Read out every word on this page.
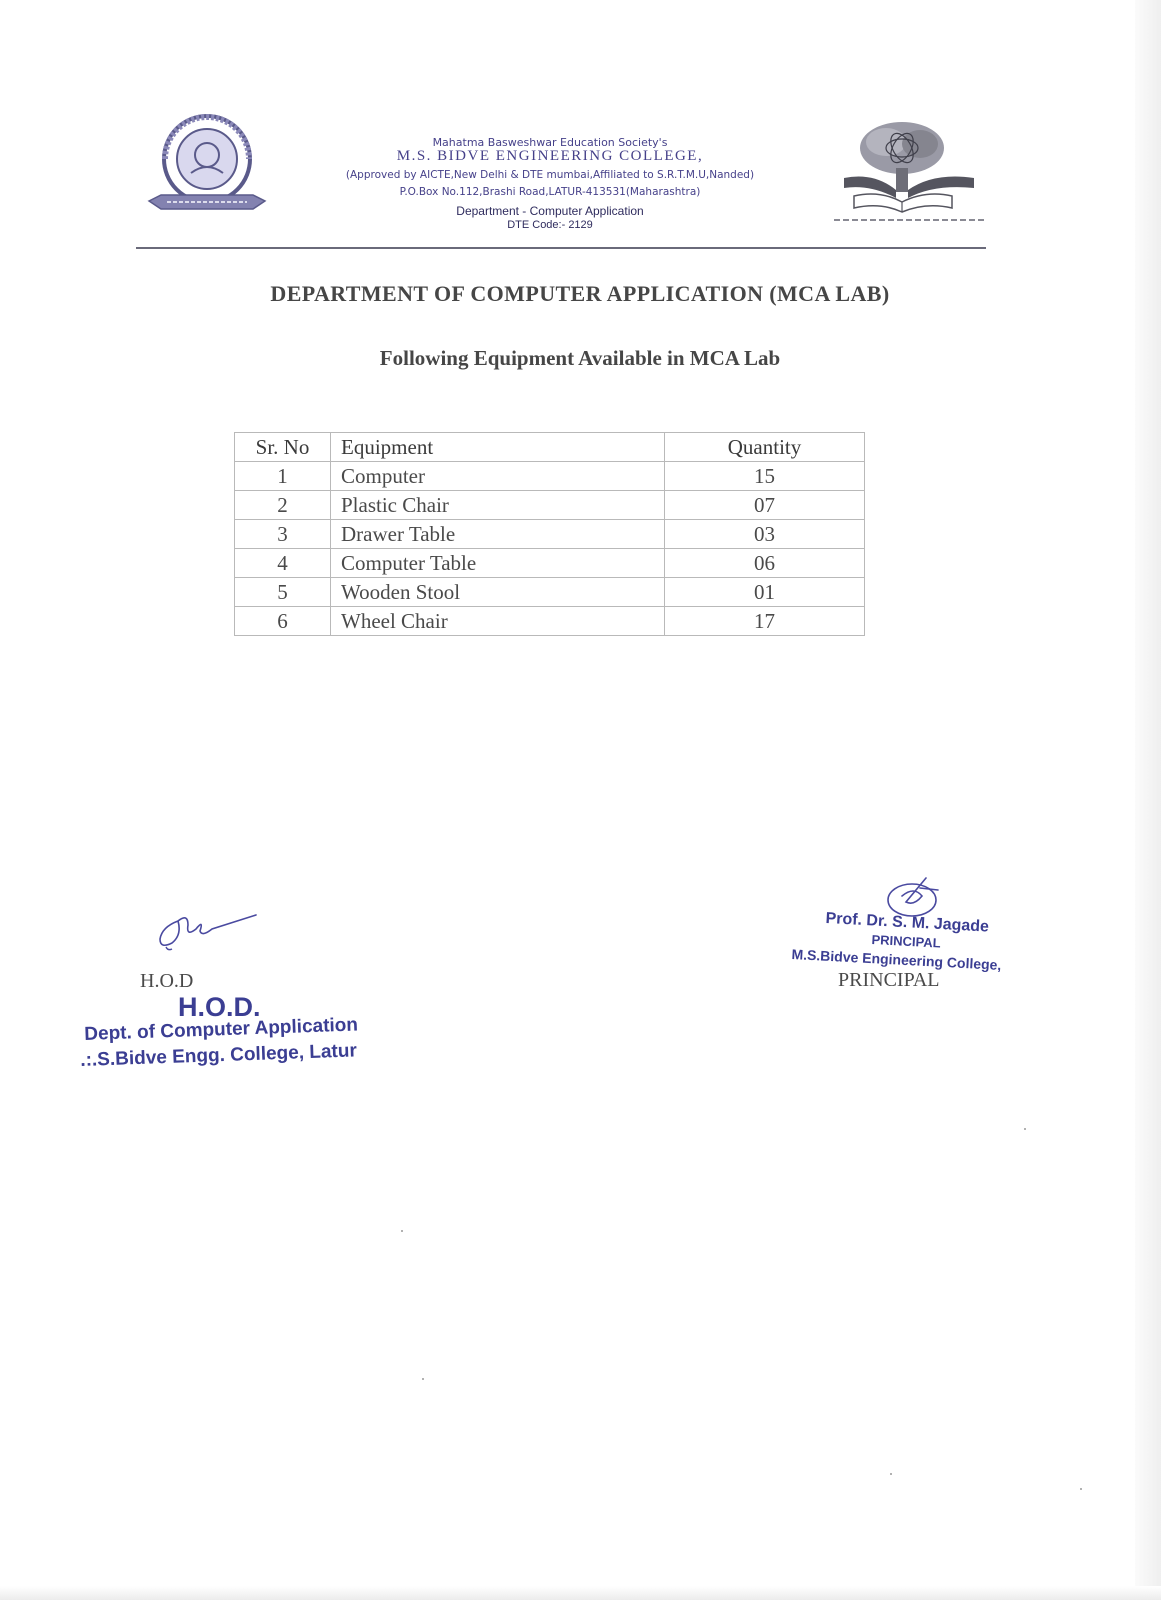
Mahatma Basweshwar Education Society's
M.S. BIDVE ENGINEERING COLLEGE,
(Approved by AICTE,New Delhi & DTE mumbai,Affiliated to S.R.T.M.U,Nanded)
P.O.Box No.112,Brashi Road,LATUR-413531(Maharashtra)
Department - Computer Application
DTE Code:- 2129
DEPARTMENT OF COMPUTER APPLICATION (MCA LAB)
Following Equipment Available in MCA Lab
Sr. No	Equipment	Quantity
1	Computer	15
2	Plastic Chair	07
3	Drawer Table	03
4	Computer Table	06
5	Wooden Stool	01
6	Wheel Chair	17
H.O.D
H.O.D.
Dept. of Computer Application
.:.S.Bidve Engg. College, Latur
Prof. Dr. S. M. Jagade
PRINCIPAL
M.S.Bidve Engineering College,
PRINCIPAL
